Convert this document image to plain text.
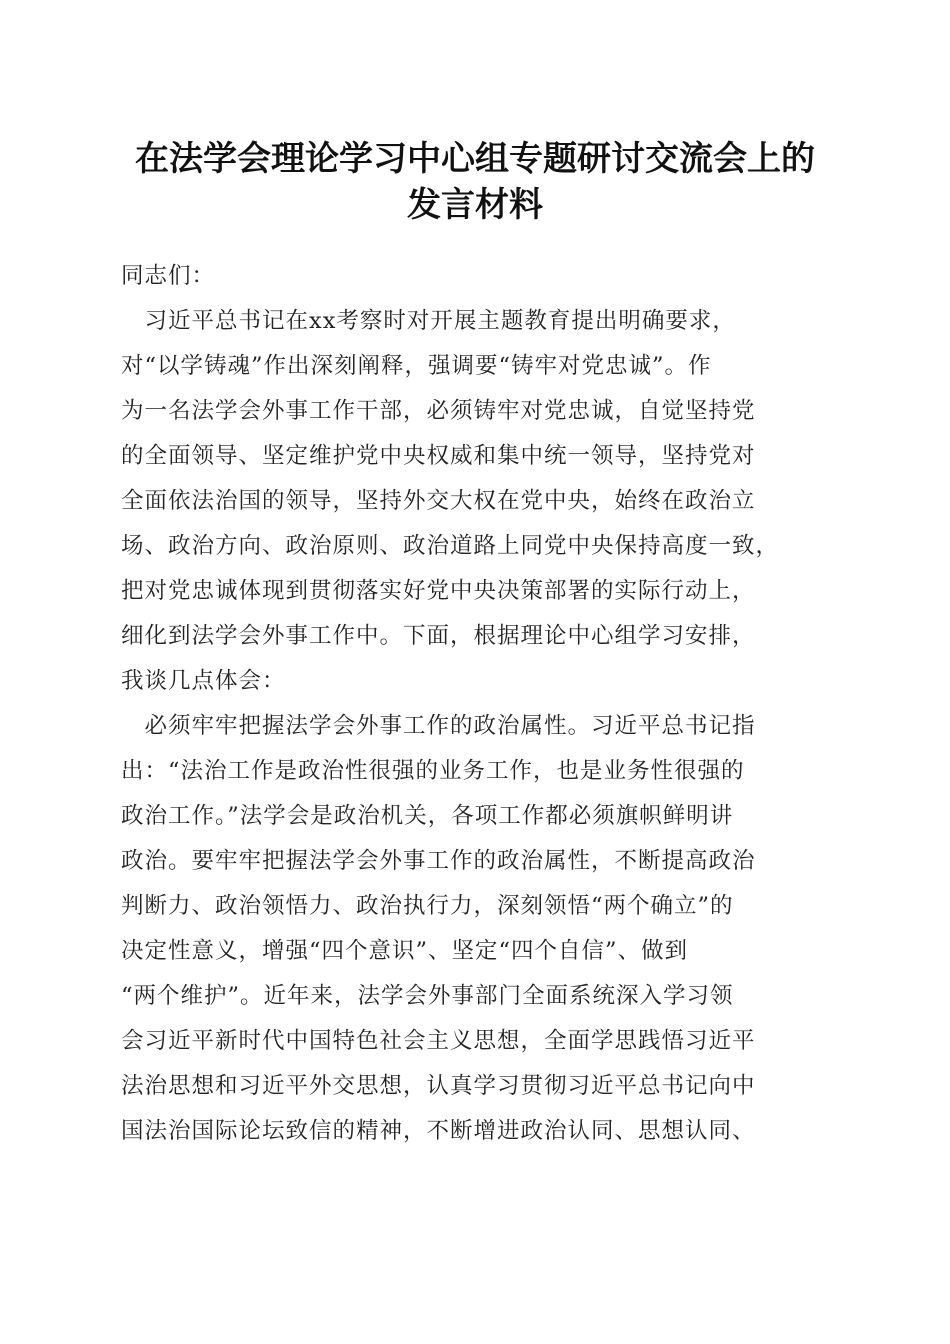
在法学会理论学习中心组专题研讨交流会上的
发言材料
同志们：
　习近平总书记在xx考察时对开展主题教育提出明确要求，
对“以学铸魂”作出深刻阐释，强调要“铸牢对党忠诚”。作
为一名法学会外事工作干部，必须铸牢对党忠诚，自觉坚持党
的全面领导、坚定维护党中央权威和集中统一领导，坚持党对
全面依法治国的领导，坚持外交大权在党中央，始终在政治立
场、政治方向、政治原则、政治道路上同党中央保持高度一致，
把对党忠诚体现到贯彻落实好党中央决策部署的实际行动上，
细化到法学会外事工作中。下面，根据理论中心组学习安排，
我谈几点体会：
　必须牢牢把握法学会外事工作的政治属性。习近平总书记指
出：“法治工作是政治性很强的业务工作，也是业务性很强的
政治工作。”法学会是政治机关，各项工作都必须旗帜鲜明讲
政治。要牢牢把握法学会外事工作的政治属性，不断提高政治
判断力、政治领悟力、政治执行力，深刻领悟“两个确立”的
决定性意义，增强“四个意识”、坚定“四个自信”、做到
“两个维护”。近年来，法学会外事部门全面系统深入学习领
会习近平新时代中国特色社会主义思想，全面学思践悟习近平
法治思想和习近平外交思想，认真学习贯彻习近平总书记向中
国法治国际论坛致信的精神，不断增进政治认同、思想认同、
